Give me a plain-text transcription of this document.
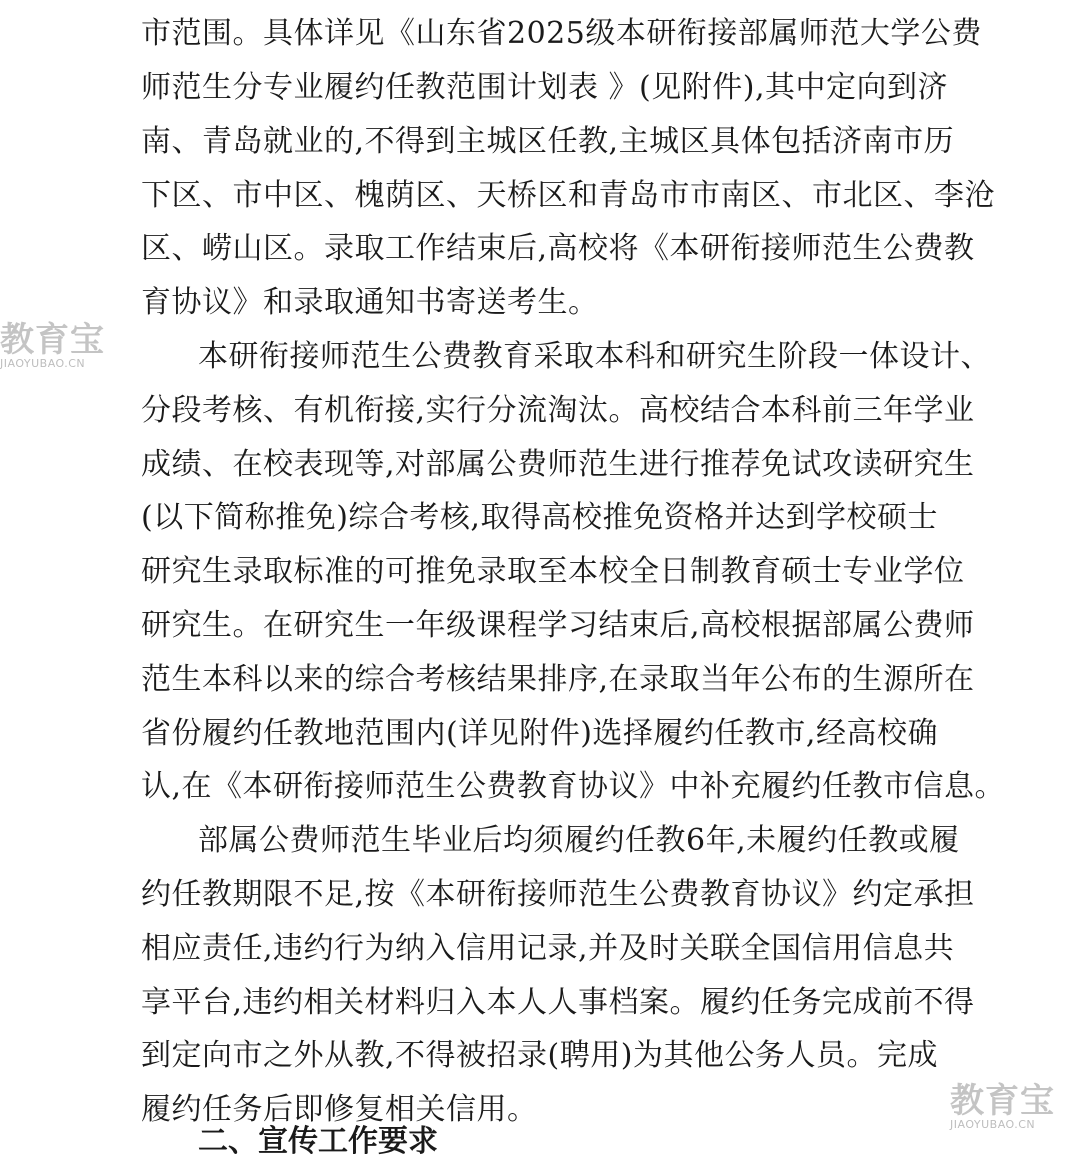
市范围。具体详见《山东省2025级本研衔接部属师范大学公费
师范生分专业履约任教范围计划表 》(见附件),其中定向到济
南、青岛就业的,不得到主城区任教,主城区具体包括济南市历
下区、市中区、槐荫区、天桥区和青岛市市南区、市北区、李沧
区、崂山区。录取工作结束后,高校将《本研衔接师范生公费教
育协议》和录取通知书寄送考生。
本研衔接师范生公费教育采取本科和研究生阶段一体设计、
分段考核、有机衔接,实行分流淘汰。高校结合本科前三年学业
成绩、在校表现等,对部属公费师范生进行推荐免试攻读研究生
(以下简称推免)综合考核,取得高校推免资格并达到学校硕士
研究生录取标准的可推免录取至本校全日制教育硕士专业学位
研究生。在研究生一年级课程学习结束后,高校根据部属公费师
范生本科以来的综合考核结果排序,在录取当年公布的生源所在
省份履约任教地范围内(详见附件)选择履约任教市,经高校确
认,在《本研衔接师范生公费教育协议》中补充履约任教市信息。
部属公费师范生毕业后均须履约任教6年,未履约任教或履
约任教期限不足,按《本研衔接师范生公费教育协议》约定承担
相应责任,违约行为纳入信用记录,并及时关联全国信用信息共
享平台,违约相关材料归入本人人事档案。履约任务完成前不得
到定向市之外从教,不得被招录(聘用)为其他公务人员。完成
履约任务后即修复相关信用。
二、宣传工作要求
教育宝
JIAOYUBAO.CN
教育宝
JIAOYUBAO.CN
